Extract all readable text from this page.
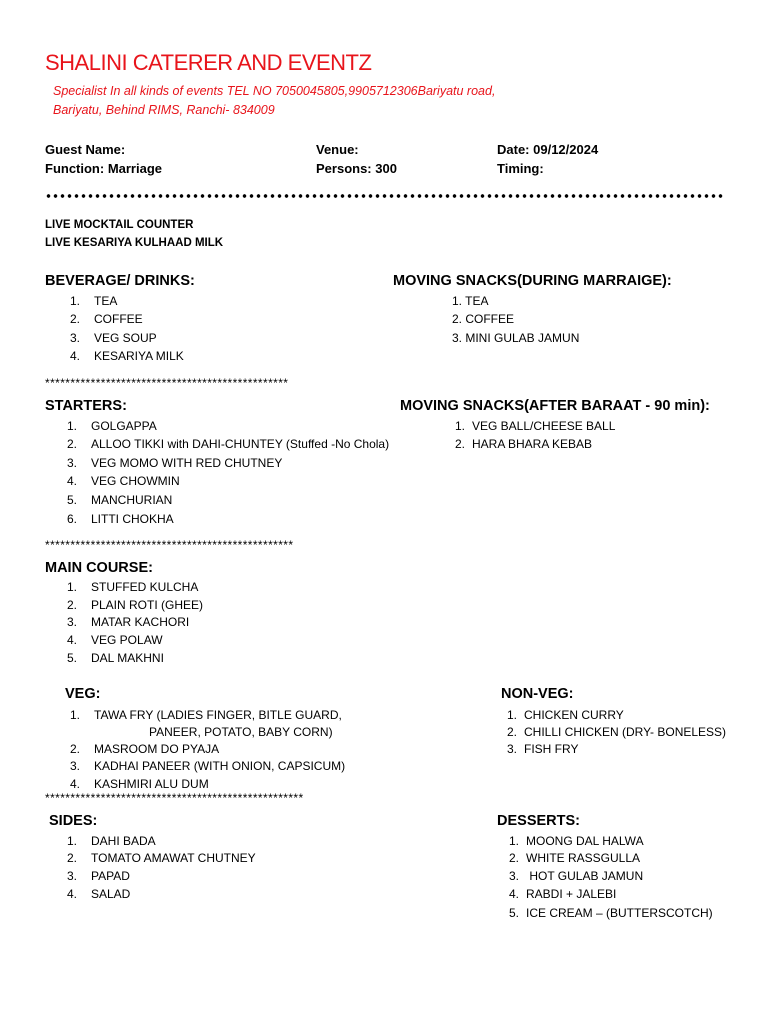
SHALINI CATERER AND EVENTZ
Specialist In all kinds of events TEL NO 7050045805,9905712306Bariyatu road,
Bariyatu, Behind RIMS, Ranchi- 834009
Guest Name:
Function: Marriage
Venue:
Persons: 300
Date: 09/12/2024
Timing:
LIVE MOCKTAIL COUNTER
LIVE KESARIYA KULHAAD MILK
BEVERAGE/ DRINKS:
1. TEA
2. COFFEE
3. VEG SOUP
4. KESARIYA MILK
MOVING SNACKS(DURING MARRAIGE):
1. TEA
2. COFFEE
3. MINI GULAB JAMUN
************************************************
STARTERS:
1. GOLGAPPA
2. ALLOO TIKKI with DAHI-CHUNTEY (Stuffed -No Chola)
3. VEG MOMO WITH RED CHUTNEY
4. VEG CHOWMIN
5. MANCHURIAN
6. LITTI CHOKHA
MOVING SNACKS(AFTER BARAAT - 90 min):
1. VEG BALL/CHEESE BALL
2. HARA BHARA KEBAB
*************************************************
MAIN COURSE:
1. STUFFED KULCHA
2. PLAIN ROTI (GHEE)
3. MATAR KACHORI
4. VEG POLAW
5. DAL MAKHNI
VEG:
1. TAWA FRY (LADIES FINGER, BITLE GUARD,
PANEER, POTATO, BABY CORN)
2. MASROOM DO PYAJA
3. KADHAI PANEER (WITH ONION, CAPSICUM)
4. KASHMIRI ALU DUM
NON-VEG:
1. CHICKEN CURRY
2. CHILLI CHICKEN (DRY- BONELESS)
3. FISH FRY
***************************************************
SIDES:
1. DAHI BADA
2. TOMATO AMAWAT CHUTNEY
3. PAPAD
4. SALAD
DESSERTS:
1. MOONG DAL HALWA
2. WHITE RASSGULLA
3. HOT GULAB JAMUN
4. RABDI + JALEBI
5. ICE CREAM – (BUTTERSCOTCH)
